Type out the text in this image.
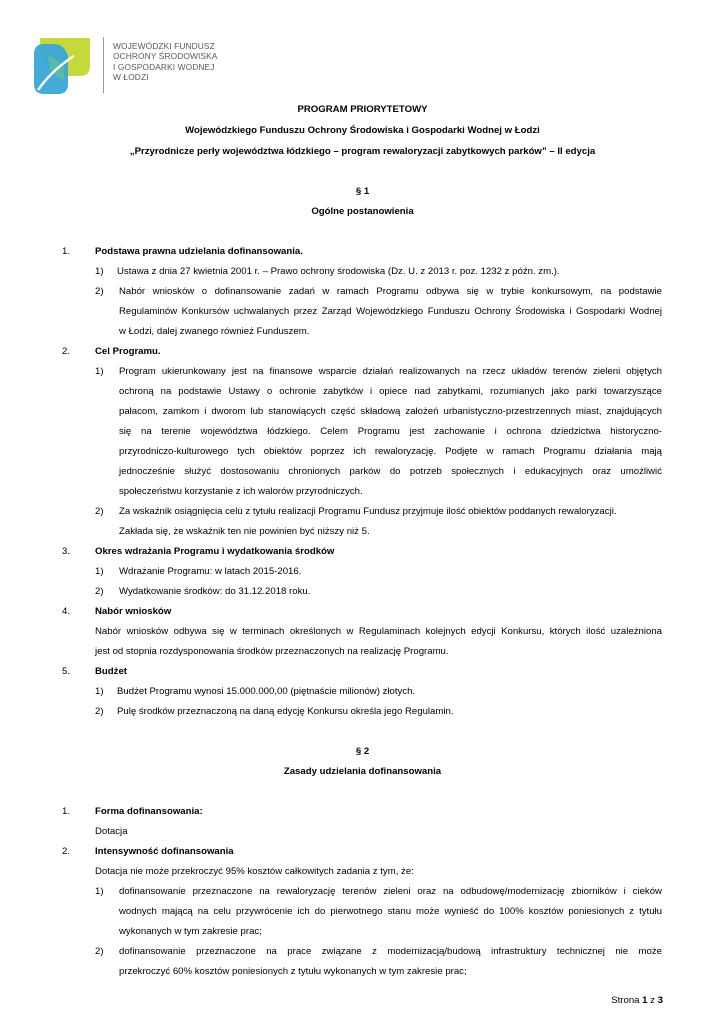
WOJEWÓDZKI FUNDUSZ
OCHRONY ŚRODOWISKA
I GOSPODARKI WODNEJ
W ŁODZI
PROGRAM PRIORYTETOWY
Wojewódzkiego Funduszu Ochrony Środowiska i Gospodarki Wodnej w Łodzi
„Przyrodnicze perły województwa łódzkiego – program rewaloryzacji zabytkowych parków” – II edycja
§ 1
Ogólne postanowienia
1.	Podstawa prawna udzielania dofinansowania.
1) Ustawa z dnia 27 kwietnia 2001 r. – Prawo ochrony środowiska (Dz. U. z 2013 r. poz. 1232 z późn. zm.).
2) Nabór wniosków o dofinansowanie zadań w ramach Programu odbywa się w trybie konkursowym, na podstawie
Regulaminów Konkursów uchwalanych przez Zarząd Wojewódzkiego Funduszu Ochrony Środowiska i Gospodarki Wodnej
w Łodzi, dalej zwanego również Funduszem.
2.	Cel Programu.
1) Program ukierunkowany jest na finansowe wsparcie działań realizowanych na rzecz układów terenów zieleni objętych
ochroną na podstawie Ustawy o ochronie zabytków i opiece nad zabytkami, rozumianych jako parki towarzyszące
pałacom, zamkom i dworom lub stanowiących część składową założeń urbanistyczno-przestrzennych miast, znajdujących
się na terenie województwa łódzkiego. Celem Programu jest zachowanie i ochrona dziedzictwa historyczno-
przyrodniczo-kulturowego tych obiektów poprzez ich rewaloryzację. Podjęte w ramach Programu działania mają
jednocześnie służyć dostosowaniu chronionych parków do potrzeb społecznych i edukacyjnych oraz umożliwić
społeczeństwu korzystanie z ich walorów przyrodniczych.
2) Za wskaźnik osiągnięcia celu z tytułu realizacji Programu Fundusz przyjmuje ilość obiektów poddanych rewaloryzacji.
Zakłada się, że wskaźnik ten nie powinien być niższy niż 5.
3.	Okres wdrażania Programu i wydatkowania środków
1) Wdrażanie Programu: w latach 2015-2016.
2) Wydatkowanie środków: do 31.12.2018 roku.
4.	Nabór wniosków
Nabór wniosków odbywa się w terminach określonych w Regulaminach kolejnych edycji Konkursu, których ilość uzależniona
jest od stopnia rozdysponowania środków przeznaczonych na realizację Programu.
5.	Budżet
1) Budżet Programu wynosi 15.000.000,00 (piętnaście milionów) złotych.
2) Pulę środków przeznaczoną na daną edycję Konkursu określa jego Regulamin.
§ 2
Zasady udzielania dofinansowania
1.	Forma dofinansowania:
Dotacja
2.	Intensywność dofinansowania
Dotacja nie może przekroczyć 95% kosztów całkowitych zadania z tym, że:
1) dofinansowanie przeznaczone na rewaloryzację terenów zieleni oraz na odbudowę/modernizację zbiorników i cieków
wodnych mającą na celu przywrócenie ich do pierwotnego stanu może wynieść do 100% kosztów poniesionych z tytułu
wykonanych w tym zakresie prac;
2) dofinansowanie przeznaczone na prace związane z modernizacją/budową infrastruktury technicznej nie może
przekroczyć 60% kosztów poniesionych z tytułu wykonanych w tym zakresie prac;
Strona 1 z 3
